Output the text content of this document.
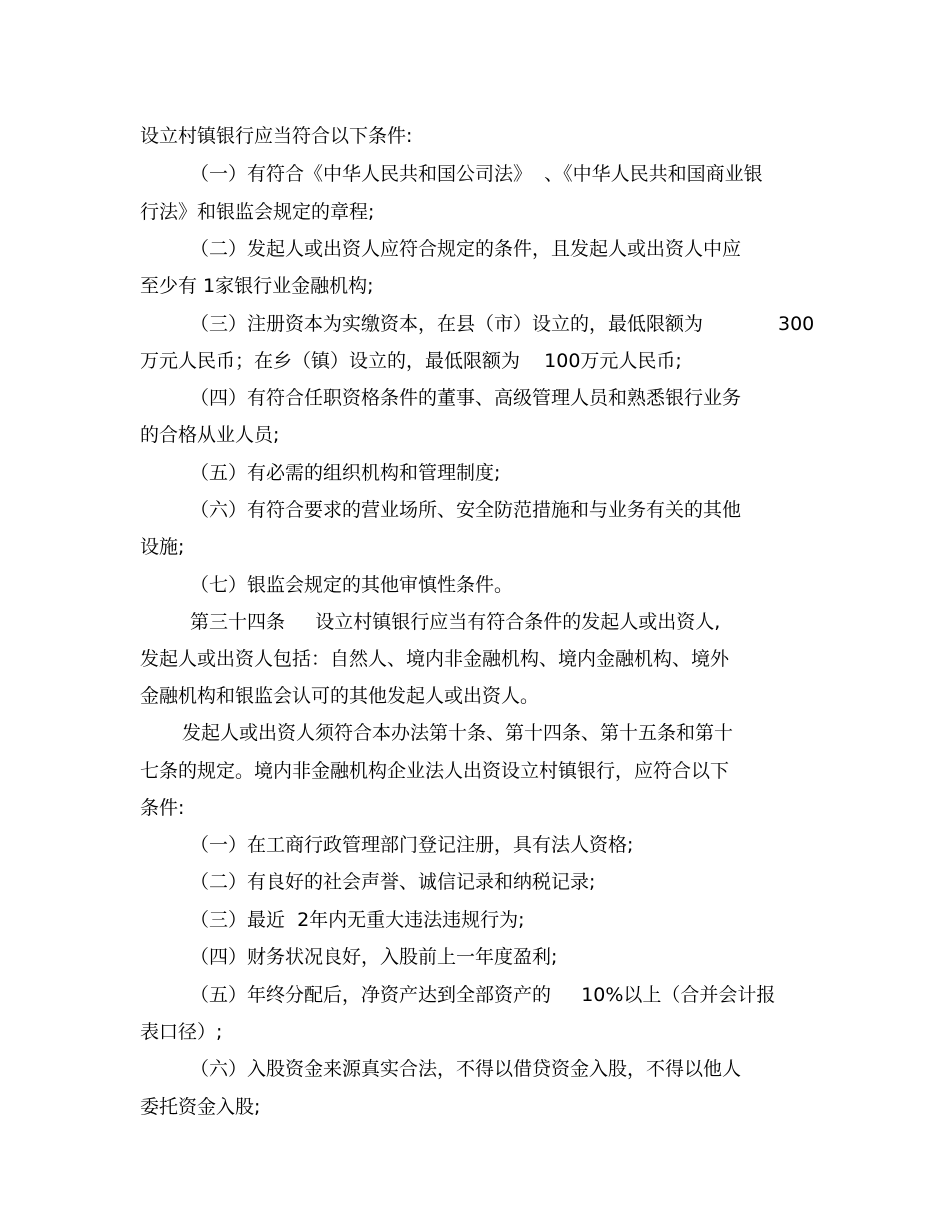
设立村镇银行应当符合以下条件:
（一）有符合《中华人民共和国公司法》  、《中华人民共和国商业银
行法》和银监会规定的章程;
（二）发起人或出资人应符合规定的条件，且发起人或出资人中应
至少有 1家银行业金融机构;
（三）注册资本为实缴资本，在县（市）设立的，最低限额为	300
万元人民币；在乡（镇）设立的，最低限额为    100万元人民币;
（四）有符合任职资格条件的董事、高级管理人员和熟悉银行业务
的合格从业人员;
（五）有必需的组织机构和管理制度;
（六）有符合要求的营业场所、安全防范措施和与业务有关的其他
设施;
（七）银监会规定的其他审慎性条件。
第三十四条     设立村镇银行应当有符合条件的发起人或出资人,
发起人或出资人包括：自然人、境内非金融机构、境内金融机构、境外
金融机构和银监会认可的其他发起人或出资人。
发起人或出资人须符合本办法第十条、第十四条、第十五条和第十
七条的规定。境内非金融机构企业法人出资设立村镇银行，应符合以下
条件:
（一）在工商行政管理部门登记注册，具有法人资格;
（二）有良好的社会声誉、诚信记录和纳税记录;
（三）最近  2年内无重大违法违规行为;
（四）财务状况良好，入股前上一年度盈利;
（五）年终分配后，净资产达到全部资产的     10%以上（合并会计报
表口径）;
（六）入股资金来源真实合法，不得以借贷资金入股，不得以他人
委托资金入股;
